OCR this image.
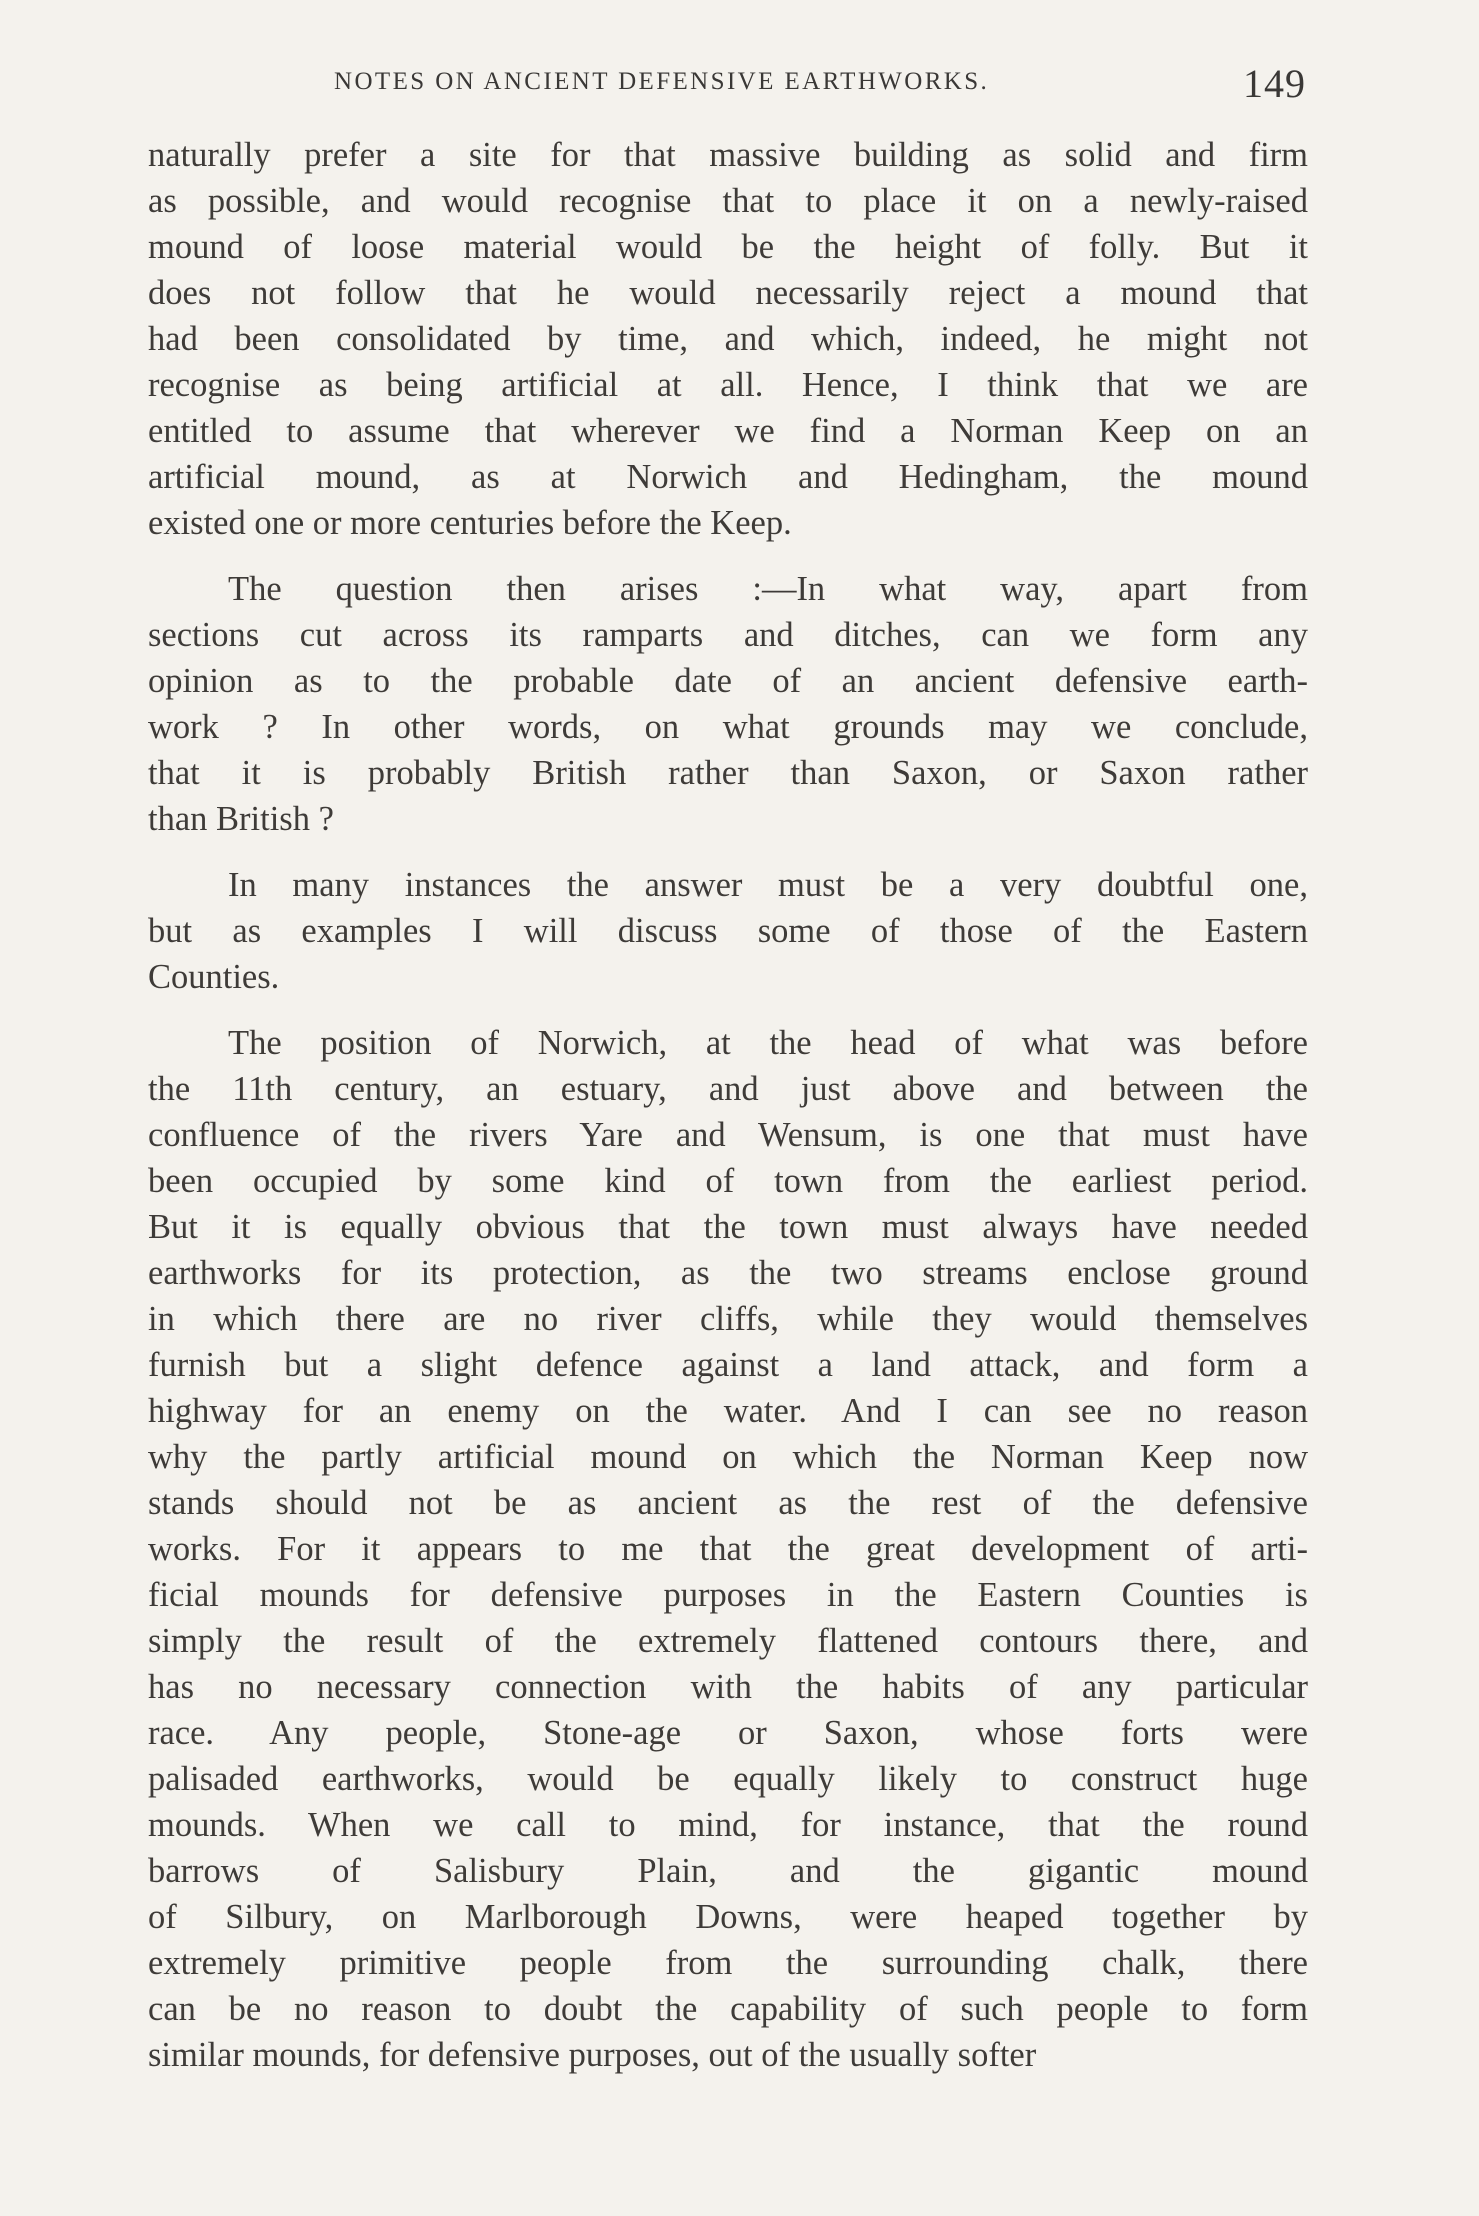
NOTES ON ANCIENT DEFENSIVE EARTHWORKS.	149
naturally prefer a site for that massive building as solid and firm
as possible, and would recognise that to place it on a newly-raised
mound of loose material would be the height of folly. But it
does not follow that he would necessarily reject a mound that
had been consolidated by time, and which, indeed, he might not
recognise as being artificial at all. Hence, I think that we are
entitled to assume that wherever we find a Norman Keep on an
artificial mound, as at Norwich and Hedingham, the mound
existed one or more centuries before the Keep.
The question then arises :—In what way, apart from
sections cut across its ramparts and ditches, can we form any
opinion as to the probable date of an ancient defensive earth-
work ? In other words, on what grounds may we conclude,
that it is probably British rather than Saxon, or Saxon rather
than British ?
In many instances the answer must be a very doubtful one,
but as examples I will discuss some of those of the Eastern
Counties.
The position of Norwich, at the head of what was before
the 11th century, an estuary, and just above and between the
confluence of the rivers Yare and Wensum, is one that must have
been occupied by some kind of town from the earliest period.
But it is equally obvious that the town must always have needed
earthworks for its protection, as the two streams enclose ground
in which there are no river cliffs, while they would themselves
furnish but a slight defence against a land attack, and form a
highway for an enemy on the water. And I can see no reason
why the partly artificial mound on which the Norman Keep now
stands should not be as ancient as the rest of the defensive
works. For it appears to me that the great development of arti-
ficial mounds for defensive purposes in the Eastern Counties is
simply the result of the extremely flattened contours there, and
has no necessary connection with the habits of any particular
race. Any people, Stone-age or Saxon, whose forts were
palisaded earthworks, would be equally likely to construct huge
mounds. When we call to mind, for instance, that the round
barrows of Salisbury Plain, and the gigantic mound
of Silbury, on Marlborough Downs, were heaped together by
extremely primitive people from the surrounding chalk, there
can be no reason to doubt the capability of such people to form
similar mounds, for defensive purposes, out of the usually softer
